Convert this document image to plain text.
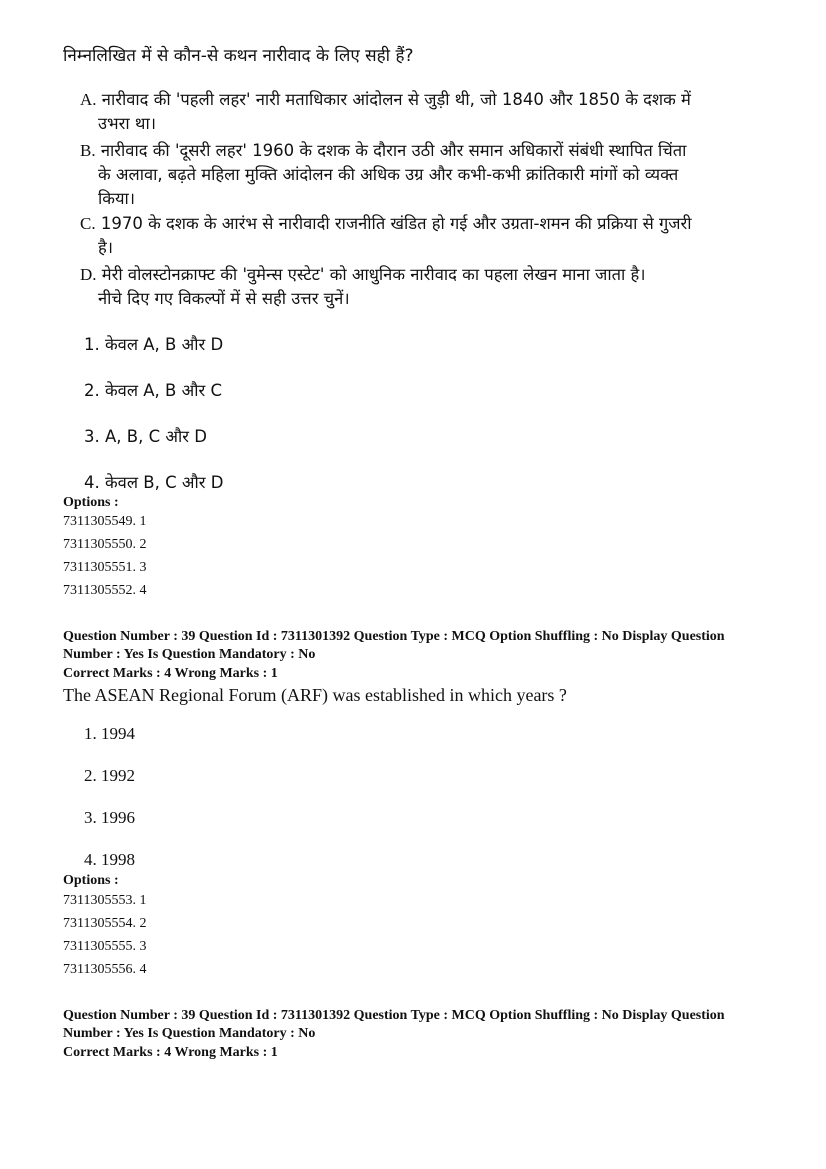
निम्नलिखित में से कौन-से कथन नारीवाद के लिए सही हैं?
A. नारीवाद की 'पहली लहर' नारी मताधिकार आंदोलन से जुड़ी थी, जो 1840 और 1850 के दशक में
उभरा था।
B. नारीवाद की 'दूसरी लहर' 1960 के दशक के दौरान उठी और समान अधिकारों संबंधी स्थापित चिंता
के अलावा, बढ़ते महिला मुक्ति आंदोलन की अधिक उग्र और कभी-कभी क्रांतिकारी मांगों को व्यक्त
किया।
C. 1970 के दशक के आरंभ से नारीवादी राजनीति खंडित हो गई और उग्रता-शमन की प्रक्रिया से गुजरी
है।
D. मेरी वोलस्टोनक्राफ्ट की 'वुमेन्स एस्टेट' को आधुनिक नारीवाद का पहला लेखन माना जाता है।
नीचे दिए गए विकल्पों में से सही उत्तर चुनें।
1. केवल A, B और D
2. केवल A, B और C
3. A, B, C और D
4. केवल B, C और D
Options :
7311305549. 1
7311305550. 2
7311305551. 3
7311305552. 4
Question Number : 39 Question Id : 7311301392 Question Type : MCQ Option Shuffling : No Display Question
Number : Yes Is Question Mandatory : No
Correct Marks : 4 Wrong Marks : 1
The ASEAN Regional Forum (ARF) was established in which years ?
1. 1994
2. 1992
3. 1996
4. 1998
Options :
7311305553. 1
7311305554. 2
7311305555. 3
7311305556. 4
Question Number : 39 Question Id : 7311301392 Question Type : MCQ Option Shuffling : No Display Question
Number : Yes Is Question Mandatory : No
Correct Marks : 4 Wrong Marks : 1
